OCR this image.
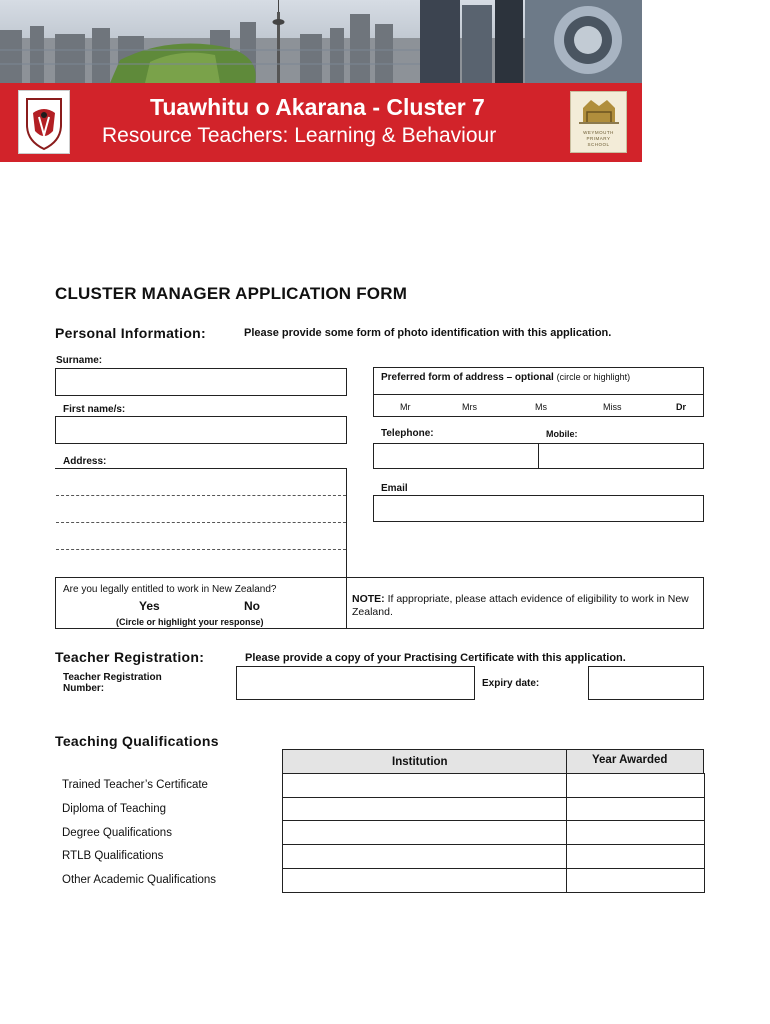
Tuawhitu o Akarana - Cluster 7
Resource Teachers: Learning & Behaviour	WEYMOUTH PRIMARY SCHOOL
CLUSTER MANAGER APPLICATION FORM
Personal Information:	Please provide some form of photo identification with this application.
Surname:
First name/s:
Preferred form of address – optional (circle or highlight)
Mr	Mrs	Ms	Miss	Dr
Telephone:	Mobile:
Address:
Email
Are you legally entitled to work in New Zealand?
Yes	No
(Circle or highlight your response)
NOTE: If appropriate, please attach evidence of eligibility to work in New Zealand.
Teacher Registration:	Please provide a copy of your Practising Certificate with this application.
Teacher Registration
Number:	Expiry date:
Teaching Qualifications
Institution	Year Awarded
Trained Teacher’s Certificate
Diploma of Teaching
Degree Qualifications
RTLB Qualifications
Other Academic Qualifications
